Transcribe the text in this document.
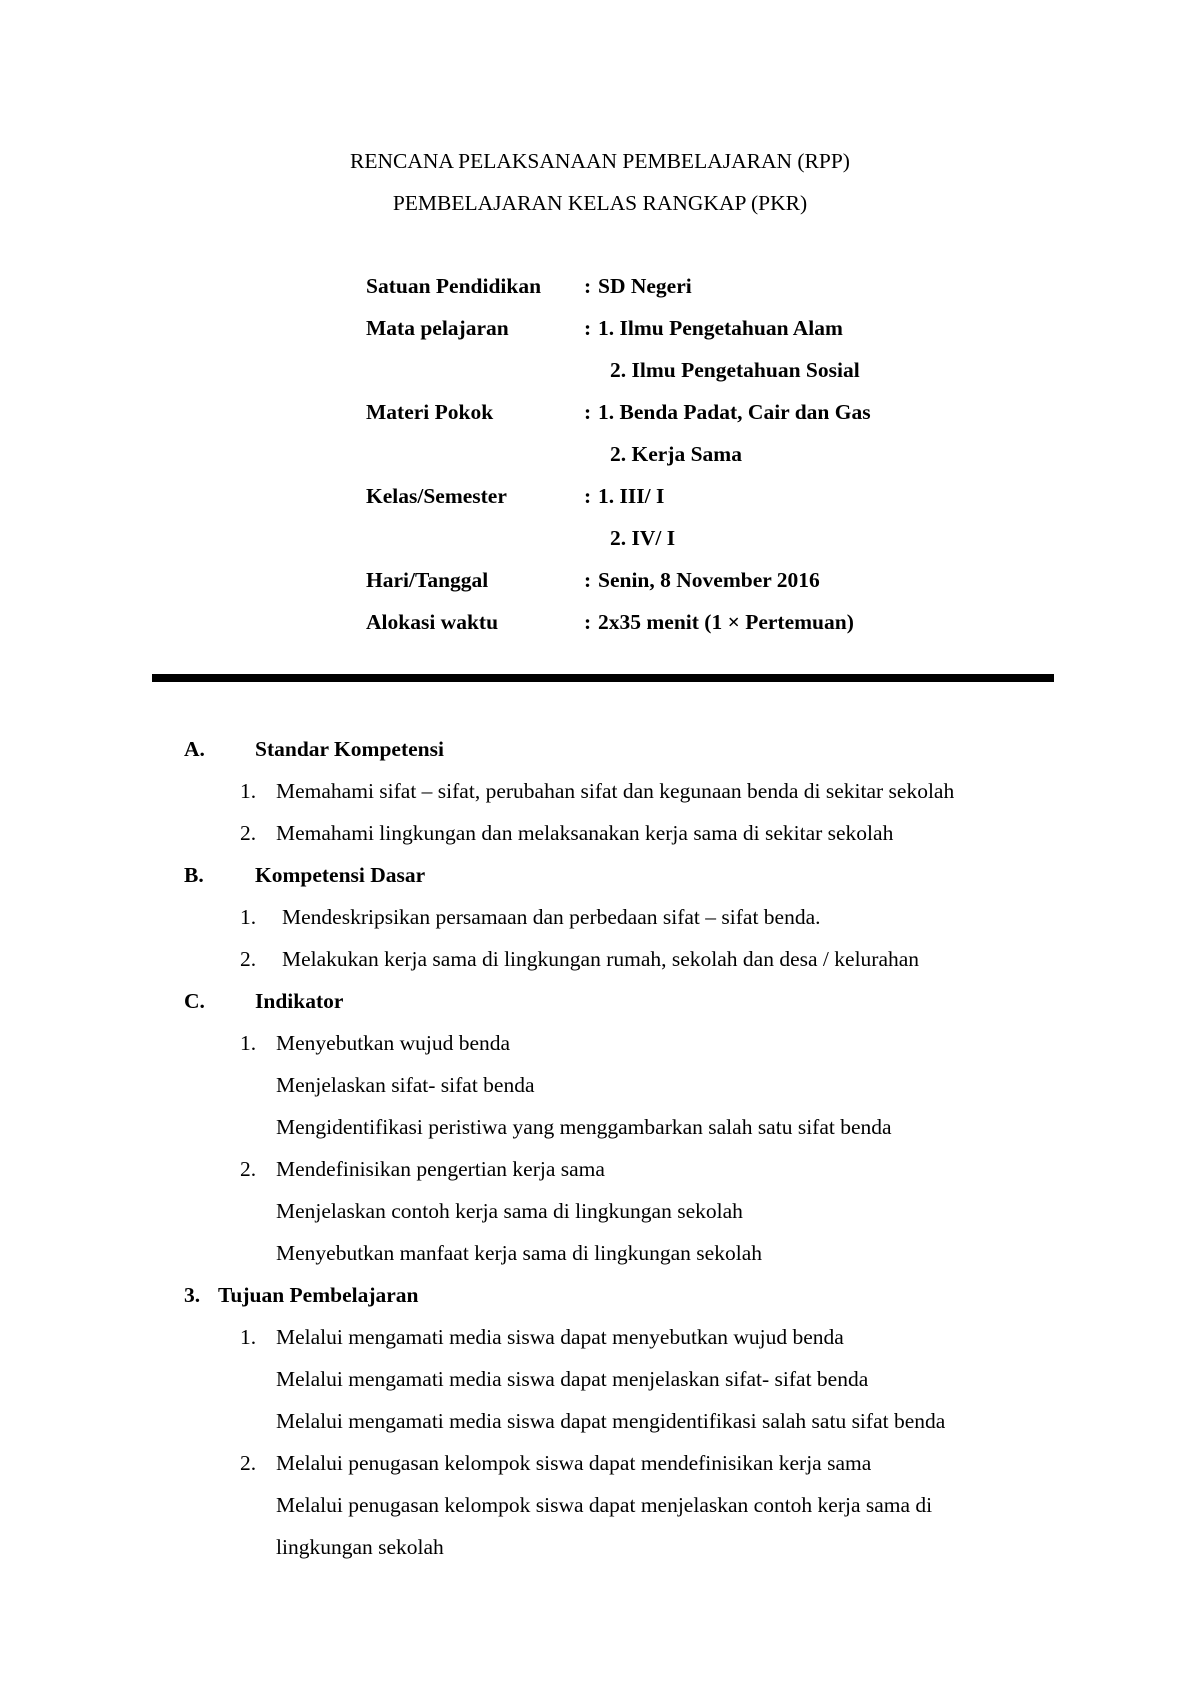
RENCANA PELAKSANAAN PEMBELAJARAN (RPP)
PEMBELAJARAN KELAS RANGKAP (PKR)
Satuan Pendidikan : SD Negeri
Mata pelajaran	: 1. Ilmu Pengetahuan Alam
2. Ilmu Pengetahuan Sosial
Materi Pokok	: 1. Benda Padat, Cair dan Gas
2. Kerja Sama
Kelas/Semester	: 1. III/ I
2. IV/ I
Hari/Tanggal	: Senin, 8 November 2016
Alokasi waktu	: 2x35 menit (1 × Pertemuan)
A. Standar Kompetensi
1. Memahami sifat – sifat, perubahan sifat dan kegunaan benda di sekitar sekolah
2. Memahami lingkungan dan melaksanakan kerja sama di sekitar sekolah
B. Kompetensi Dasar
1. Mendeskripsikan persamaan dan perbedaan sifat – sifat benda.
2. Melakukan kerja sama di lingkungan rumah, sekolah dan desa / kelurahan
C. Indikator
1. Menyebutkan wujud benda
Menjelaskan sifat- sifat benda
Mengidentifikasi peristiwa yang menggambarkan salah satu sifat benda
2. Mendefinisikan pengertian kerja sama
Menjelaskan contoh kerja sama di lingkungan sekolah
Menyebutkan manfaat kerja sama di lingkungan sekolah
3. Tujuan Pembelajaran
1. Melalui mengamati media siswa dapat menyebutkan wujud benda
Melalui mengamati media siswa dapat menjelaskan sifat- sifat benda
Melalui mengamati media siswa dapat mengidentifikasi salah satu sifat benda
2. Melalui penugasan kelompok siswa dapat mendefinisikan kerja sama
Melalui penugasan kelompok siswa dapat menjelaskan contoh kerja sama di
lingkungan sekolah
